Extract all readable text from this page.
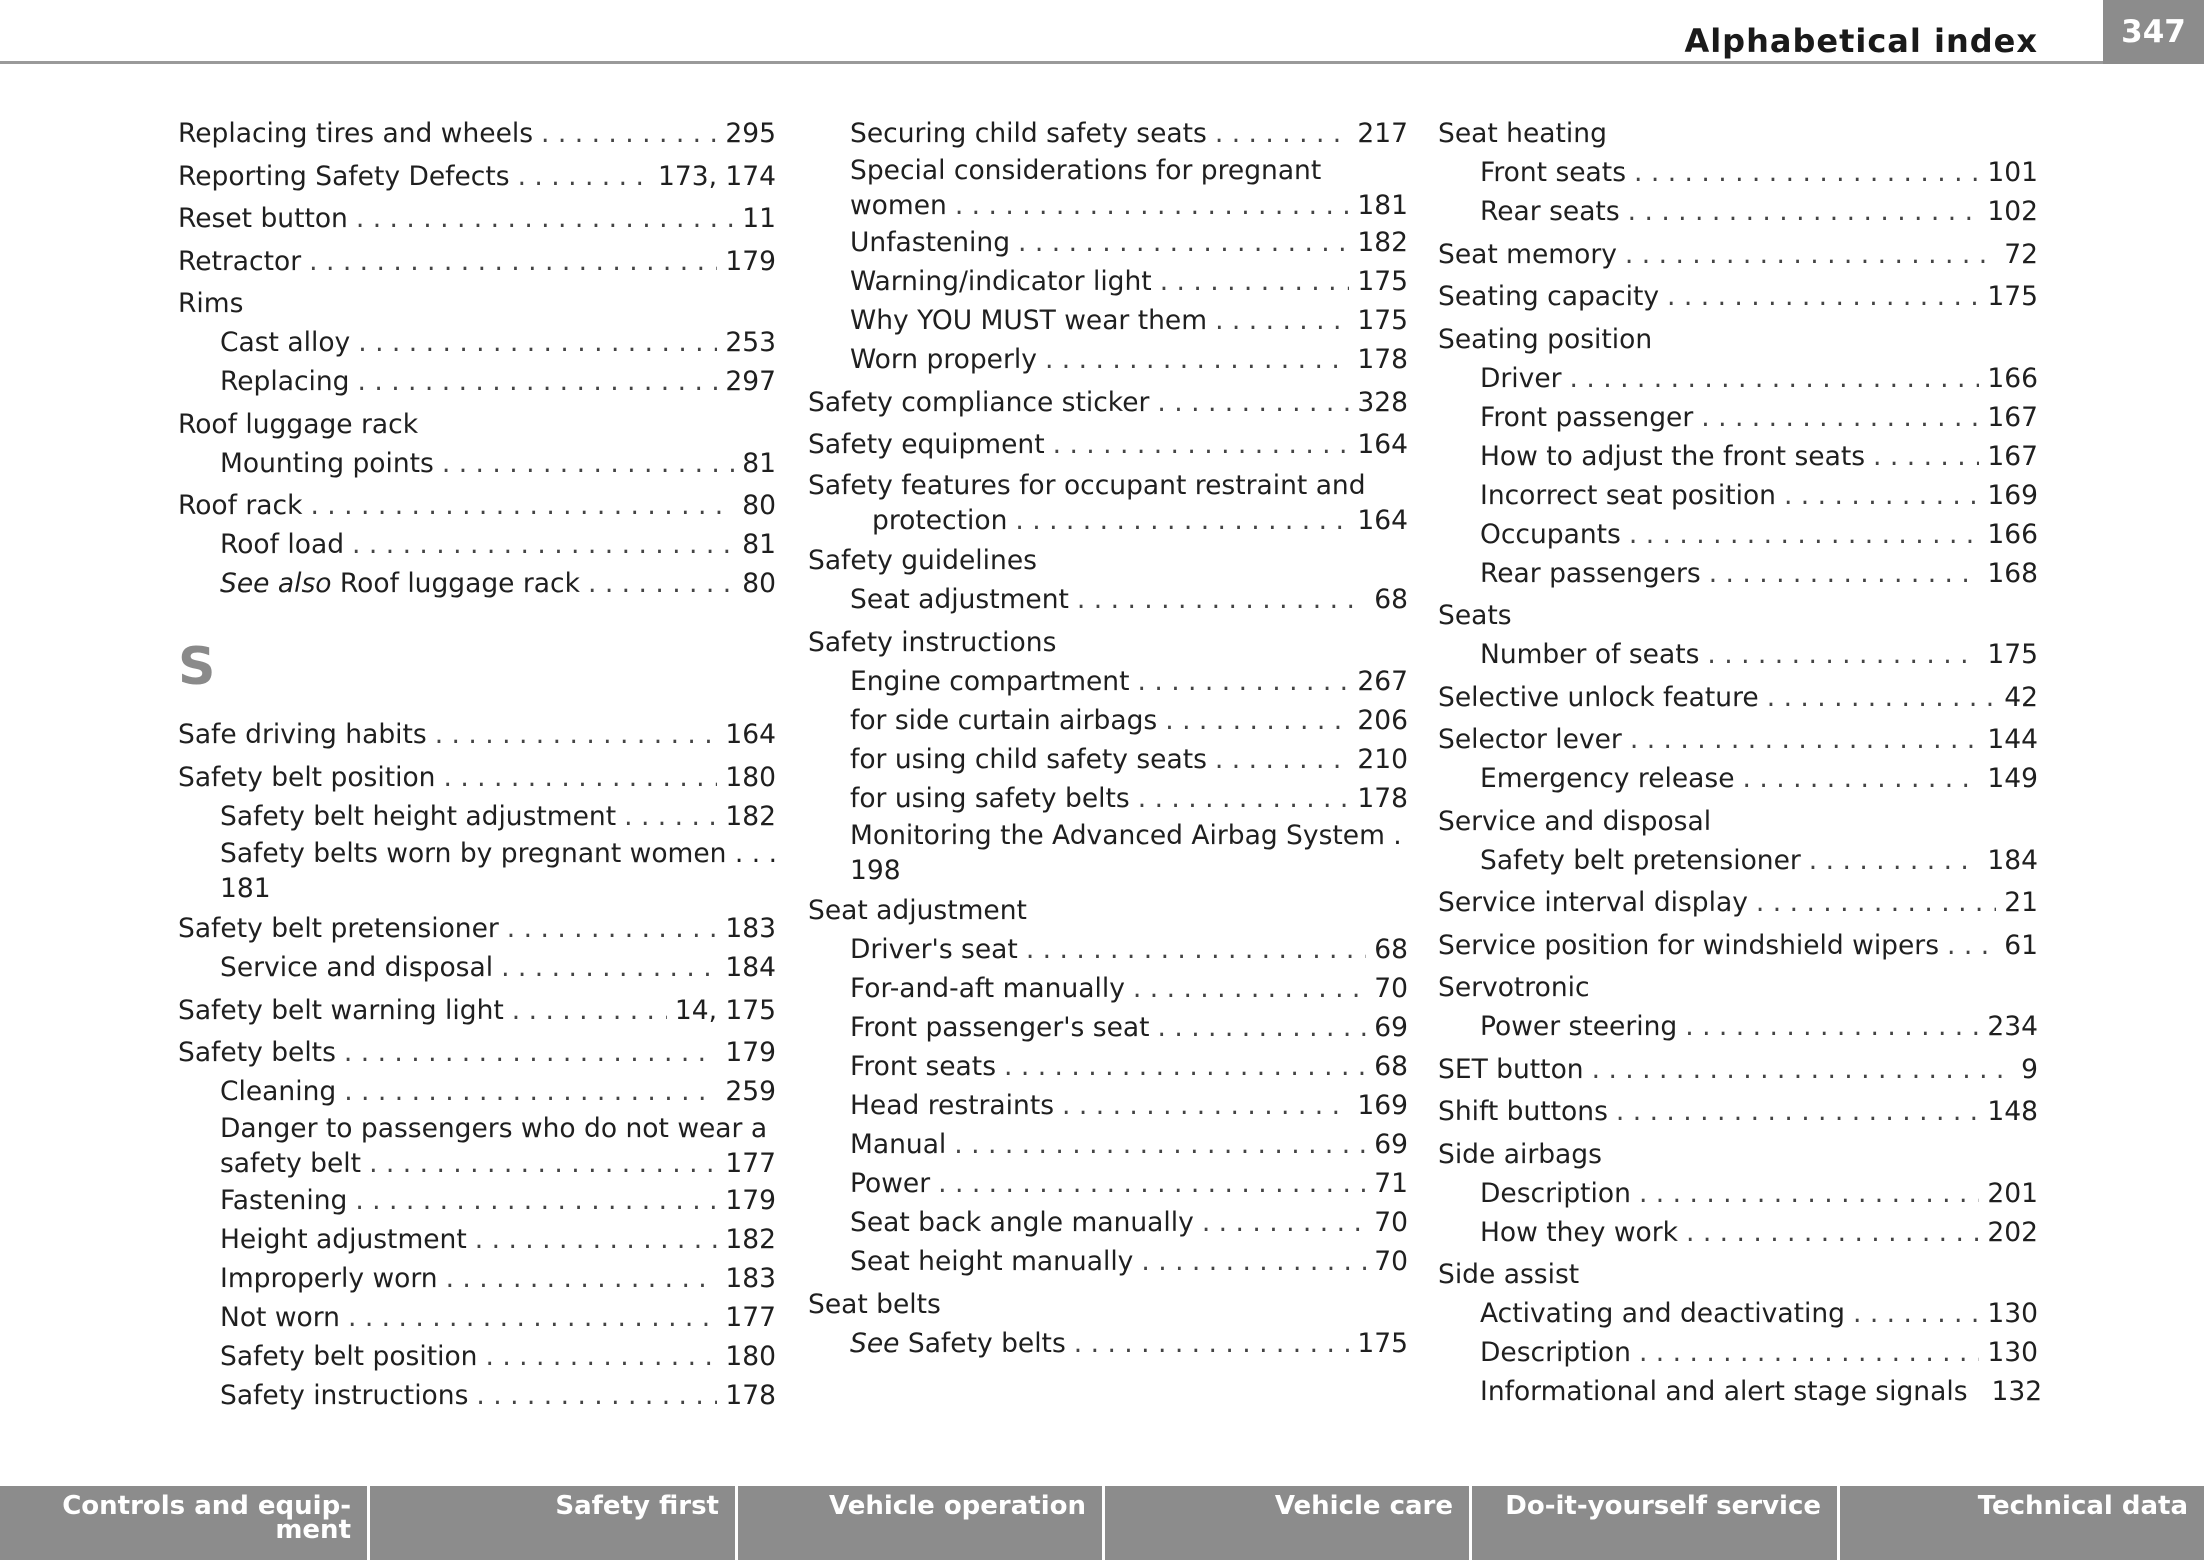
Alphabetical index	347
Replacing tires and wheels . . .	295
Reporting Safety Defects . . .	173, 174
Reset button . . .	11
Retractor . . .	179
Rims
Cast alloy . . .	253
Replacing . . .	297
Roof luggage rack
Mounting points . . .	81
Roof rack . . .	80
Roof load . . .	81
See also Roof luggage rack . . .	80
S
Safe driving habits . . .	164
Safety belt position . . .	180
Safety belt height adjustment . . .	182
Safety belts worn by pregnant women . . .
181
Safety belt pretensioner . . .	183
Service and disposal . . .	184
Safety belt warning light . . .	14, 175
Safety belts . . .	179
Cleaning . . .	259
Danger to passengers who do not wear a
safety belt . . .	177
Fastening . . .	179
Height adjustment . . .	182
Improperly worn . . .	183
Not worn . . .	177
Safety belt position . . .	180
Safety instructions . . .	178
Securing child safety seats . . .	217
Special considerations for pregnant
women . . .	181
Unfastening . . .	182
Warning/indicator light . . .	175
Why YOU MUST wear them . . .	175
Worn properly . . .	178
Safety compliance sticker . . .	328
Safety equipment . . .	164
Safety features for occupant restraint and
protection . . .	164
Safety guidelines
Seat adjustment . . .	68
Safety instructions
Engine compartment . . .	267
for side curtain airbags . . .	206
for using child safety seats . . .	210
for using safety belts . . .	178
Monitoring the Advanced Airbag System .
198
Seat adjustment
Driver's seat . . .	68
For-and-aft manually . . .	70
Front passenger's seat . . .	69
Front seats . . .	68
Head restraints . . .	169
Manual . . .	69
Power . . .	71
Seat back angle manually . . .	70
Seat height manually . . .	70
Seat belts
See Safety belts . . .	175
Seat heating
Front seats . . .	101
Rear seats . . .	102
Seat memory . . .	72
Seating capacity . . .	175
Seating position
Driver . . .	166
Front passenger . . .	167
How to adjust the front seats . . .	167
Incorrect seat position . . .	169
Occupants . . .	166
Rear passengers . . .	168
Seats
Number of seats . . .	175
Selective unlock feature . . .	42
Selector lever . . .	144
Emergency release . . .	149
Service and disposal
Safety belt pretensioner . . .	184
Service interval display . . .	21
Service position for windshield wipers . . . 61
Servotronic
Power steering . . .	234
SET button . . .	9
Shift buttons . . .	148
Side airbags
Description . . .	201
How they work . . .	202
Side assist
Activating and deactivating . . .	130
Description . . .	130
Informational and alert stage signals 132
Controls and equip-
ment
Safety first	Vehicle operation	Vehicle care	Do-it-yourself service	Technical data
